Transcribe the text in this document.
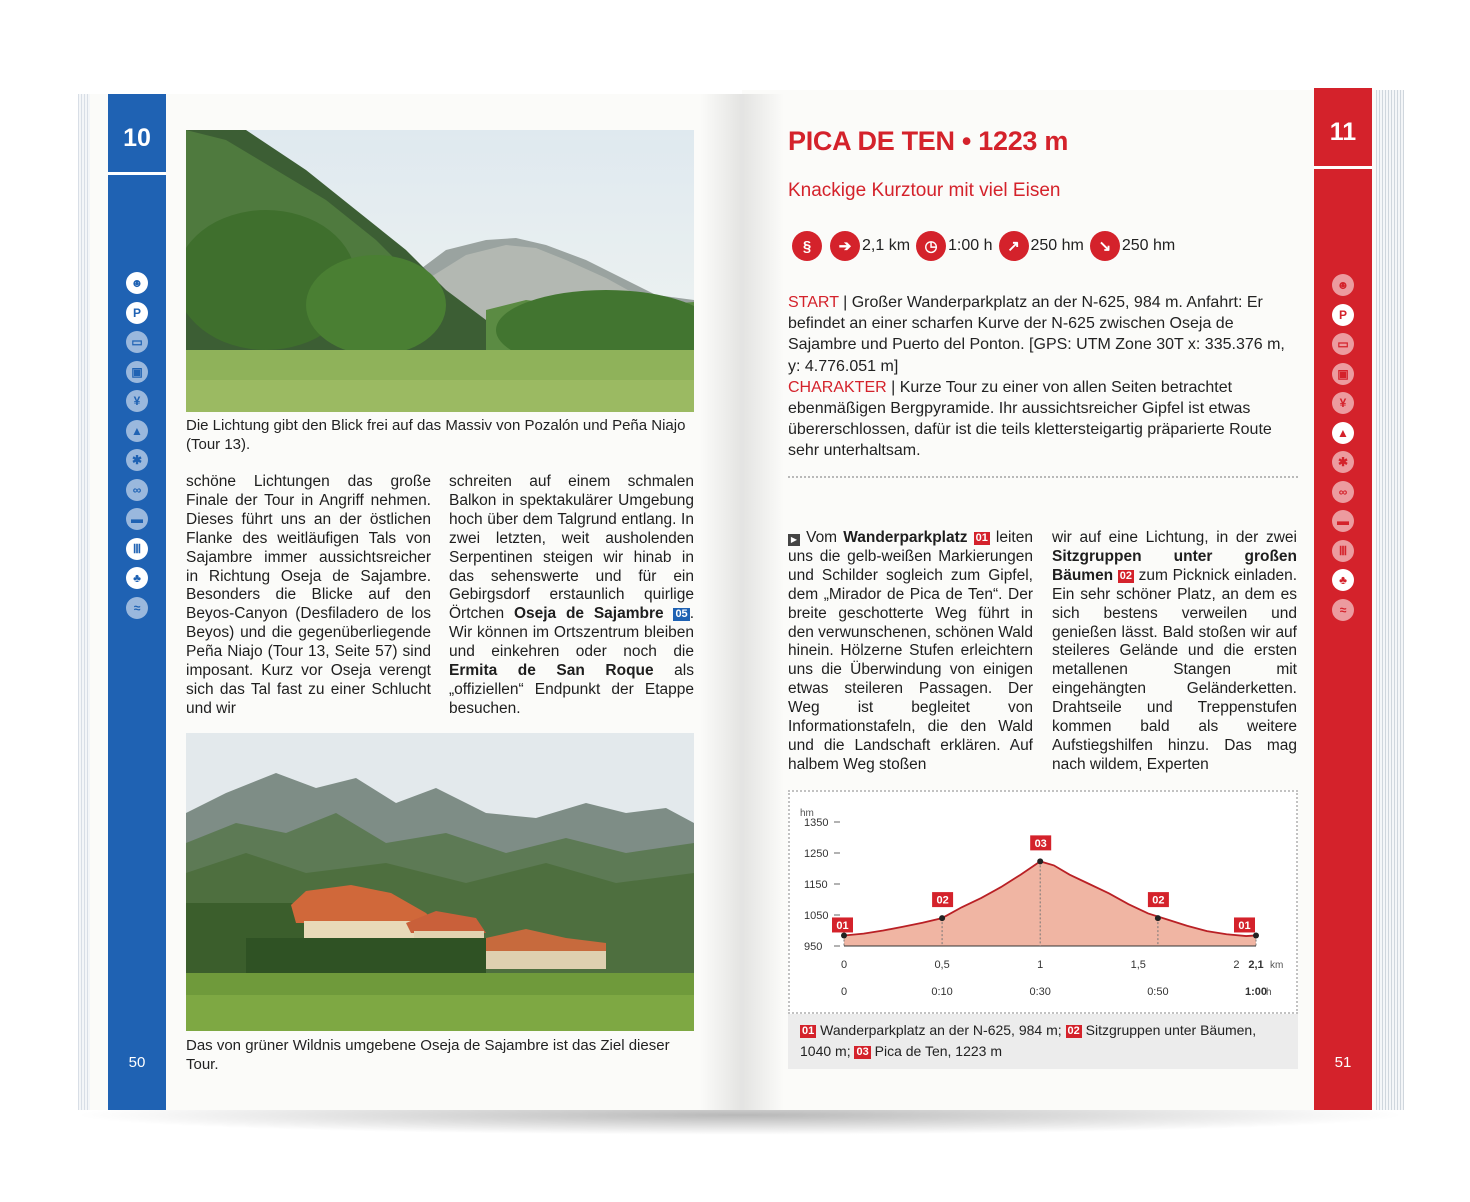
10
☻
P
▭
▣
¥
▲
✱
∞
▬
Ⅲ
♣
≈
50
Die Lichtung gibt den Blick frei auf das Massiv von Pozalón und Peña Niajo (Tour 13).
schöne Lichtungen das große Finale der Tour in Angriff nehmen. Dieses führt uns an der östlichen Flanke des weitläufigen Tals von Sajambre immer aussichtsreicher in Richtung Oseja de Sajambre. Besonders die Blicke auf den Beyos-Canyon (Desfiladero de los Beyos) und die gegenüberliegende Peña Niajo (Tour 13, Seite 57) sind imposant. Kurz vor Oseja verengt sich das Tal fast zu einer Schlucht und wir
schreiten auf einem schmalen Balkon in spektakulärer Umgebung hoch über dem Talgrund entlang. In zwei letzten, weit ausholenden Serpentinen steigen wir hinab in das sehenswerte und für ein Gebirgsdorf erstaunlich quirlige Örtchen Oseja de Sajambre 05 . Wir können im Ortszentrum bleiben und einkehren oder noch die Ermita de San Roque als „offiziellen“ Endpunkt der Etappe besuchen.
Das von grüner Wildnis umgebene Oseja de Sajambre ist das Ziel dieser Tour.
PICA DE TEN • 1223 m
Knackige Kurztour mit viel Eisen
§	➔ 2,1 km ◷ 1:00 h ↗ 250 hm ↘ 250 hm

START | Großer Wanderparkplatz an der N-625, 984 m. Anfahrt: Er befindet an einer scharfen Kurve der N-625 zwischen Oseja de Sajambre und Puerto del Ponton. [GPS: UTM Zone 30T x: 335.376 m, y: 4.776.051 m]

CHARAKTER | Kurze Tour zu einer von allen Seiten betrachtet ebenmäßigen Bergpyramide. Ihr aussichtsreicher Gipfel ist etwas übererschlossen, dafür ist die teils klettersteigartig präparierte Route sehr unterhaltsam.

▶ Vom Wanderparkplatz 01 leiten uns die gelb-weißen Markierungen und Schilder sogleich zum Gipfel, dem „Mirador de Pica de Ten“. Der breite geschotterte Weg führt in den verwunschenen, schönen Wald hinein. Hölzerne Stufen erleichtern uns die Überwindung von einigen etwas steileren Passagen. Der Weg ist begleitet von Informationstafeln, die den Wald und die Landschaft erklären. Auf halbem Weg stoßen
wir auf eine Lichtung, in der zwei Sitzgruppen unter großen Bäumen 02 zum Picknick einladen. Ein sehr schöner Platz, an dem es sich bestens verweilen und genießen lässt. Bald stoßen wir auf steileres Gelände und die ersten metallenen Stangen mit eingehängten Geländerketten. Drahtseile und Treppenstufen kommen bald als weitere Aufstiegshilfen hinzu. Das mag nach wildem, Experten
hm
1350
1250
1150
1050
950
01
02
03
02
01
0	0,5	1	1,5	2 2,1 km
0	0:10	0:30	0:50	1:00
h
01 Wanderparkplatz an der N-625, 984 m; 02 Sitzgruppen unter Bäumen, 1040 m; 03 Pica de Ten, 1223 m
11
☻
P
▭
▣
¥
▲
✱
∞
▬
Ⅲ
♣
≈
51
